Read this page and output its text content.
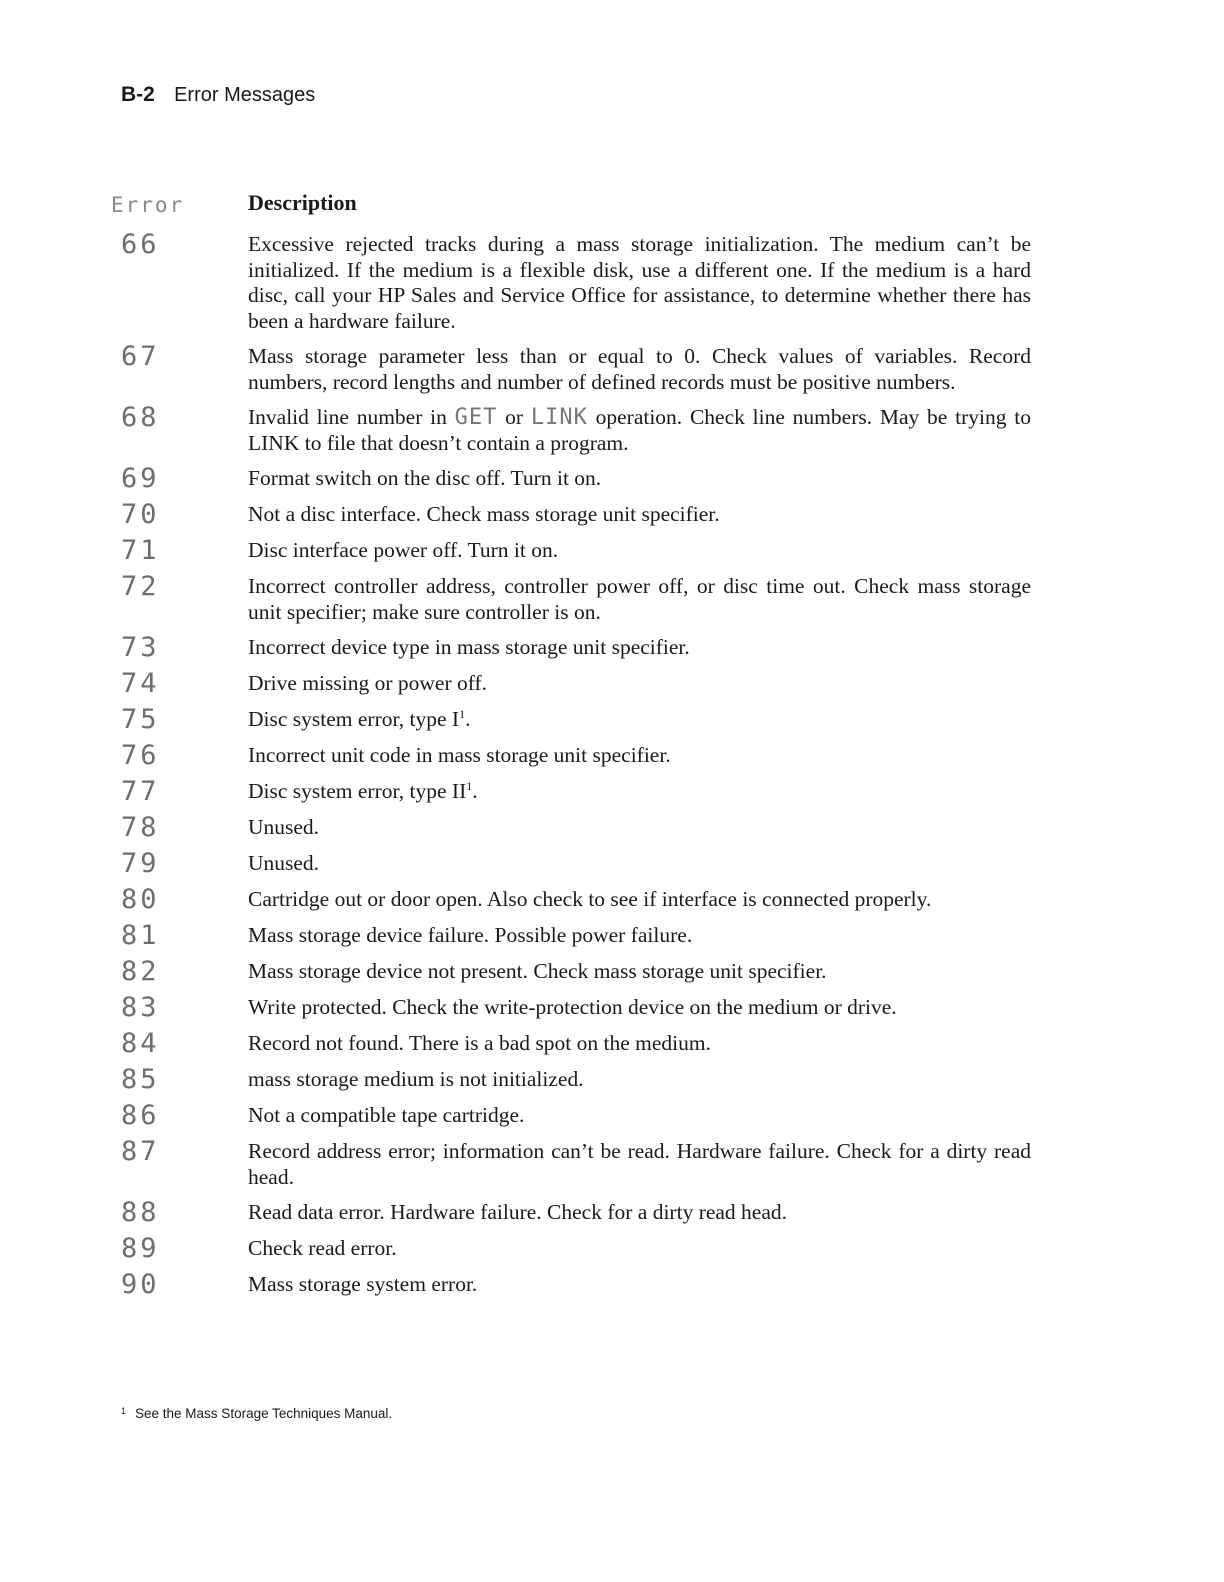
B-2 Error Messages
Error	Description
66	Excessive rejected tracks during a mass storage initialization. The medium can’t be initialized. If the medium is a flexible disk, use a different one. If the medium is a hard disc, call your HP Sales and Service Office for assistance, to determine whether there has been a hardware failure.
67	Mass storage parameter less than or equal to 0. Check values of variables. Record numbers, record lengths and number of defined records must be positive numbers.
68	Invalid line number in GET or LINK operation. Check line numbers. May be trying to LINK to file that doesn’t contain a program.
69	Format switch on the disc off. Turn it on.
70	Not a disc interface. Check mass storage unit specifier.
71	Disc interface power off. Turn it on.
72	Incorrect controller address, controller power off, or disc time out. Check mass storage unit specifier; make sure controller is on.
73	Incorrect device type in mass storage unit specifier.
74	Drive missing or power off.
75	Disc system error, type $I^1$.
76	Incorrect unit code in mass storage unit specifier.
77	Disc system error, type $II^1$.
78	Unused.
79	Unused.
80	Cartridge out or door open. Also check to see if interface is connected properly.
81	Mass storage device failure. Possible power failure.
82	Mass storage device not present. Check mass storage unit specifier.
83	Write protected. Check the write-protection device on the medium or drive.
84	Record not found. There is a bad spot on the medium.
85	mass storage medium is not initialized.
86	Not a compatible tape cartridge.
87	Record address error; information can’t be read. Hardware failure. Check for a dirty read head.
88	Read data error. Hardware failure. Check for a dirty read head.
89	Check read error.
90	Mass storage system error.
$^1$ See the Mass Storage Techniques Manual.
